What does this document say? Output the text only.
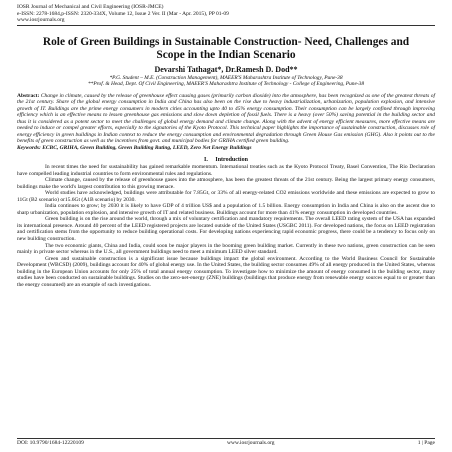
IOSR Journal of Mechanical and Civil Engineering (IOSR-JMCE)
e-ISSN: 2278-1684,p-ISSN: 2320-334X, Volume 12, Issue 2 Ver. II (Mar - Apr. 2015), PP 01-09
www.iosrjournals.org
Role of Green Buildings in Sustainable Construction- Need, Challenges and Scope in the Indian Scenario
Devarshi Tathagat*, Dr.Ramesh D. Dod**
*P.G. Student – M.E. (Construction Management), MAEER'S Maharashtra Institute of Technology, Pune-38
**Prof. & Head, Dept. Of Civil Engineering, MAEER'S Maharashtra Institute of Technology - College of Engineering, Pune-38
Abstract: Change in climate, caused by the release of greenhouse effect causing gases (primarily carbon dioxide) into the atmosphere, has been recognized as one of the greatest threats of the 21st century. Share of the global energy consumption in India and China has also been on the rise due to heavy industrialization, urbanization, population explosion, and intensive growth of IT. Buildings are the prime energy consumers in modern cities accounting upto 40 to 45% energy consumption. Their consumption can be largely confined through improving efficiency which is an effective means to lessen greenhouse gas emissions and slow down depletion of fossil fuels. There is a heavy (over 50%) saving potential in the building sector and thus it is considered as a potent sector to meet the challenges of global energy demand and climate change. Along with the advent of energy efficient measures, more effective means are needed to induce or compel greater efforts, especially to the signatories of the Kyoto Protocol. This technical paper highlights the importance of sustainable construction, discusses role of energy efficiency in green buildings in Indian context to reduce the energy consumption and environmental degradation through Green House Gas emission (GHG). Also it points out to the benefits of green construction as well as the incentives from govt. and municipal bodies for GRIHA certified green building.
Keywords: ECBC, GRIHA, Green Building, Green Building Rating, LEED, Zero Net Energy Buildings
I. Introduction

In recent times the need for sustainability has gained remarkable momentum. International treaties such as the Kyoto Protocol Treaty, Basel Convention, The Rio Declaration have compelled leading industrial countries to form environmental rules and regulations.

Climate change, caused by the release of greenhouse gases into the atmosphere, has been the greatest threats of the 21st century. Being the largest primary energy consumers, buildings make the world's largest contribution to this growing menace.

World studies have acknowledged, buildings were attributable for 7.85Gt, or 33% of all energy-related CO2 emissions worldwide and these emissions are expected to grow to 11Gt (B2 scenario) or15.6Gt (A1B scenario) by 2030.

India continues to grow; by 2030 it is likely to have GDP of 4 trillion US$ and a population of 1.5 billion. Energy consumption in India and China is also on the ascent due to sharp urbanization, population explosion, and intensive growth of IT and related business. Buildings account for more than 41% energy consumption in developed countries.

Green building is on the rise around the world, through a mix of voluntary certification and mandatory requirements. The overall LEED rating system of the USA has expanded its international presence. Around 40 percent of the LEED registered projects are located outside of the United States (USGBC 2011). For developed nations, the focus on LEED registration and certification stems from the opportunity to reduce building operational costs. For developing nations experiencing rapid economic progress, there could be a tendency to focus only on new building construction.

The two economic giants, China and India, could soon be major players in the booming green building market. Currently in these two nations, green construction can be seen mainly in private sector whereas in the U.S., all government buildings need to meet a minimum LEED silver standard.

Green and sustainable construction is a significant issue because buildings impact the global environment. According to the World Business Council for Sustainable Development (WBCSD) (2009), buildings account for 40% of global energy use. In the United States, the building sector consumes 49% of all energy produced in the United States, whereas building in the European Union accounts for only 25% of total annual energy consumption. To investigate how to minimize the amount of energy consumed in the building sector, many studies have been conducted on sustainable buildings. Studies on the zero-net-energy (ZNE) buildings (buildings that produce energy from renewable energy sources equal to or greater than the energy consumed) are an example of such investigations.

DOI: 10.9790/1684-12220109	www.iosrjournals.org	1 | Page
